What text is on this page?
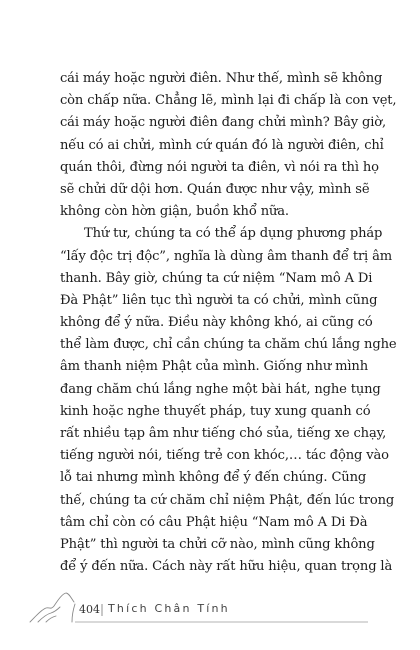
cái máy hoặc người điên. Như thế, mình sẽ không
còn chấp nữa. Chẳng lẽ, mình lại đi chấp là con vẹt,
cái máy hoặc người điên đang chửi mình? Bây giờ,
nếu có ai chửi, mình cứ quán đó là người điên, chỉ
quán thôi, đừng nói người ta điên, vì nói ra thì họ
sẽ chửi dữ dội hơn. Quán được như vậy, mình sẽ
không còn hờn giận, buồn khổ nữa.
Thứ tư, chúng ta có thể áp dụng phương pháp
“lấy độc trị độc”, nghĩa là dùng âm thanh để trị âm
thanh. Bây giờ, chúng ta cứ niệm “Nam mô A Di
Đà Phật” liên tục thì người ta có chửi, mình cũng
không để ý nữa. Điều này không khó, ai cũng có
thể làm được, chỉ cần chúng ta chăm chú lắng nghe
âm thanh niệm Phật của mình. Giống như mình
đang chăm chú lắng nghe một bài hát, nghe tụng
kinh hoặc nghe thuyết pháp, tuy xung quanh có
rất nhiều tạp âm như tiếng chó sủa, tiếng xe chạy,
tiếng người nói, tiếng trẻ con khóc,… tác động vào
lỗ tai nhưng mình không để ý đến chúng. Cũng
thế, chúng ta cứ chăm chỉ niệm Phật, đến lúc trong
tâm chỉ còn có câu Phật hiệu “Nam mô A Di Đà
Phật” thì người ta chửi cỡ nào, mình cũng không
để ý đến nữa. Cách này rất hữu hiệu, quan trọng là
404 Thích Chân Tính
